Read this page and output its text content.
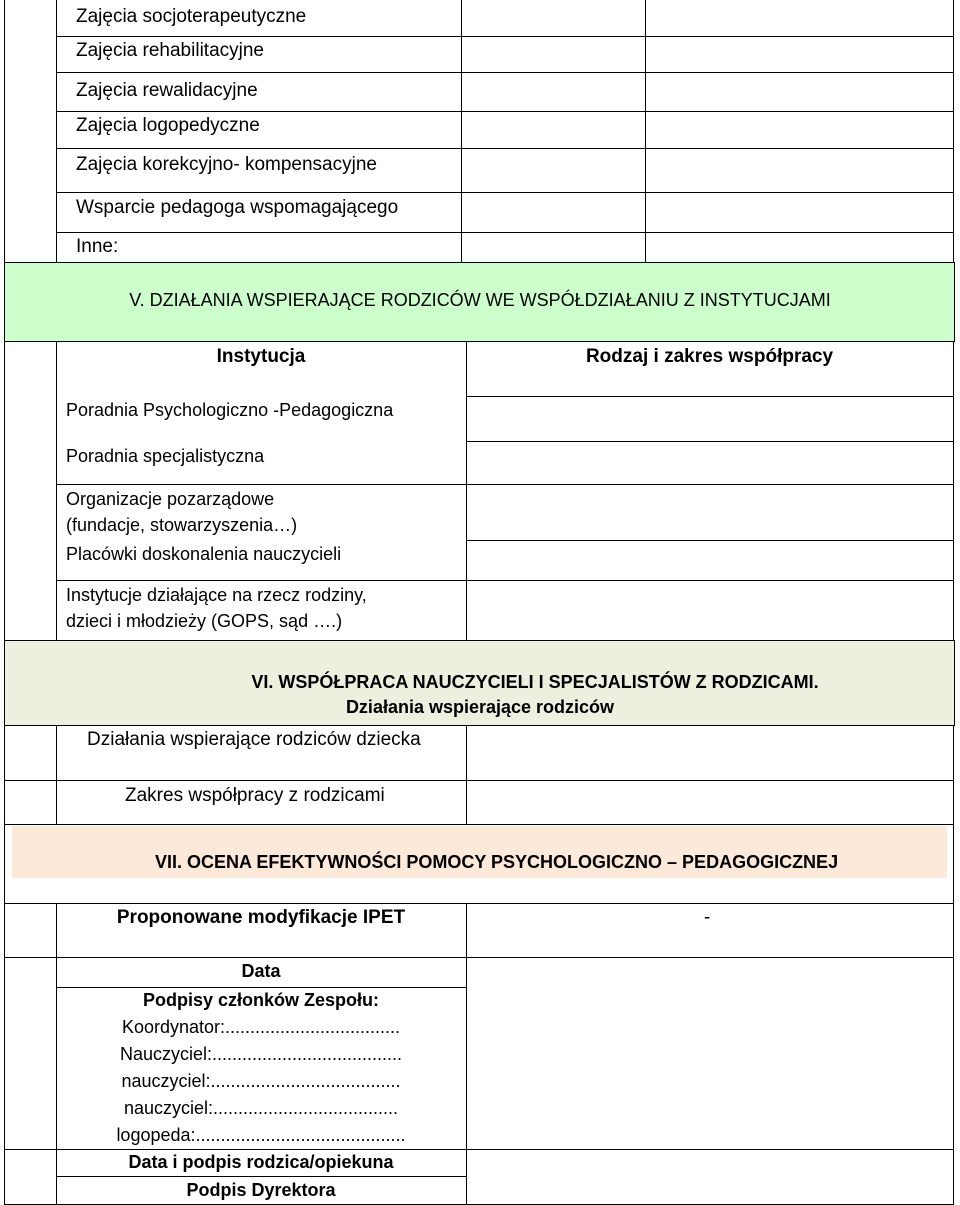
Zajęcia socjoterapeutyczne
Zajęcia rehabilitacyjne
Zajęcia rewalidacyjne
Zajęcia logopedyczne
Zajęcia korekcyjno- kompensacyjne
Wsparcie pedagoga wspomagającego
Inne:
V. DZIAŁANIA WSPIERAJĄCE RODZICÓW WE WSPÓŁDZIAŁANIU Z INSTYTUCJAMI
Instytucja	Rodzaj i zakres współpracy
Poradnia Psychologiczno -Pedagogiczna
Poradnia specjalistyczna
Organizacje pozarządowe
(fundacje, stowarzyszenia…)
Placówki doskonalenia nauczycieli
Instytucje działające na rzecz rodziny,
dzieci i młodzieży (GOPS, sąd ….)
VI. WSPÓŁPRACA NAUCZYCIELI I SPECJALISTÓW Z RODZICAMI.
Działania wspierające rodziców
Działania wspierające rodziców dziecka
Zakres współpracy z rodzicami
VII. OCENA EFEKTYWNOŚCI POMOCY PSYCHOLOGICZNO – PEDAGOGICZNEJ
Proponowane modyfikacje IPET	-
Data
Podpisy członków Zespołu:
Koordynator:...................................
Nauczyciel:......................................
nauczyciel:......................................
nauczyciel:.....................................
logopeda:..........................................
Data i podpis rodzica/opiekuna
Podpis Dyrektora
